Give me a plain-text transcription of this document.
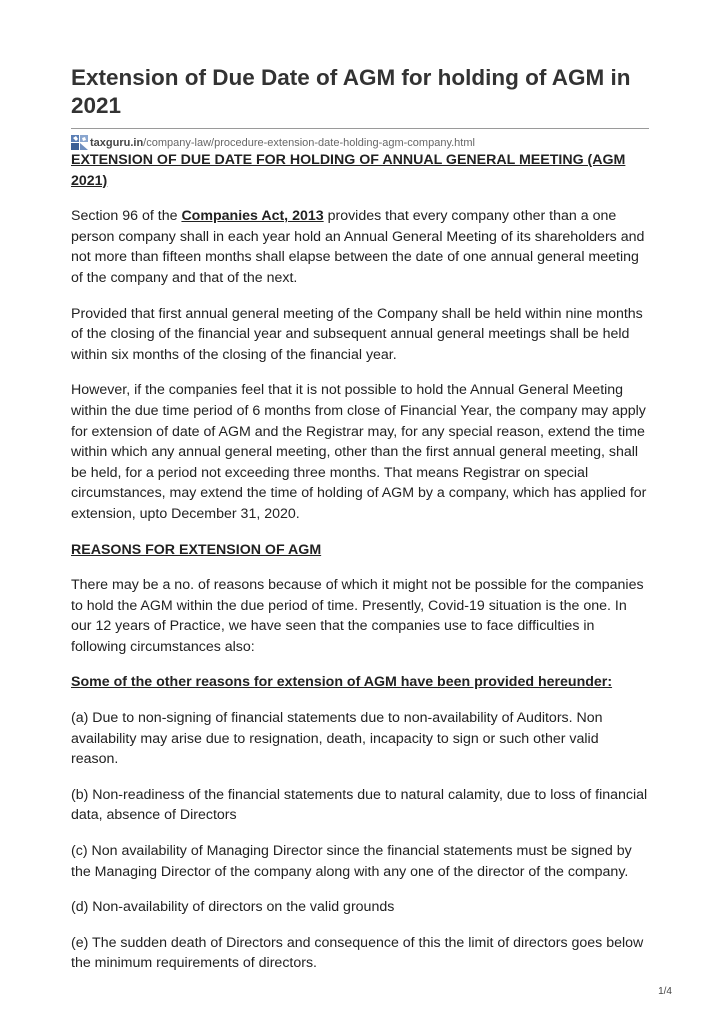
Extension of Due Date of AGM for holding of AGM in 2021
taxguru.in /company-law/procedure-extension-date-holding-agm-company.html

EXTENSION OF DUE DATE FOR HOLDING OF ANNUAL GENERAL MEETING (AGM 2021)

Section 96 of the Companies Act, 2013 provides that every company other than a one person company shall in each year hold an Annual General Meeting of its shareholders and not more than fifteen months shall elapse between the date of one annual general meeting of the company and that of the next.

Provided that first annual general meeting of the Company shall be held within nine months of the closing of the financial year and subsequent annual general meetings shall be held within six months of the closing of the financial year.

However, if the companies feel that it is not possible to hold the Annual General Meeting within the due time period of 6 months from close of Financial Year, the company may apply for extension of date of AGM and the Registrar may, for any special reason, extend the time within which any annual general meeting, other than the first annual general meeting, shall be held, for a period not exceeding three months. That means Registrar on special circumstances, may extend the time of holding of AGM by a company, which has applied for extension, upto December 31, 2020.

REASONS FOR EXTENSION OF AGM

There may be a no. of reasons because of which it might not be possible for the companies to hold the AGM within the due period of time. Presently, Covid-19 situation is the one. In our 12 years of Practice, we have seen that the companies use to face difficulties in following circumstances also:

Some of the other reasons for extension of AGM have been provided hereunder:

(a) Due to non-signing of financial statements due to non-availability of Auditors. Non availability may arise due to resignation, death, incapacity to sign or such other valid reason.

(b) Non-readiness of the financial statements due to natural calamity, due to loss of financial data, absence of Directors

(c) Non availability of Managing Director since the financial statements must be signed by the Managing Director of the company along with any one of the director of the company.

(d) Non-availability of directors on the valid grounds

(e) The sudden death of Directors and consequence of this the limit of directors goes below the minimum requirements of directors.

1/4
